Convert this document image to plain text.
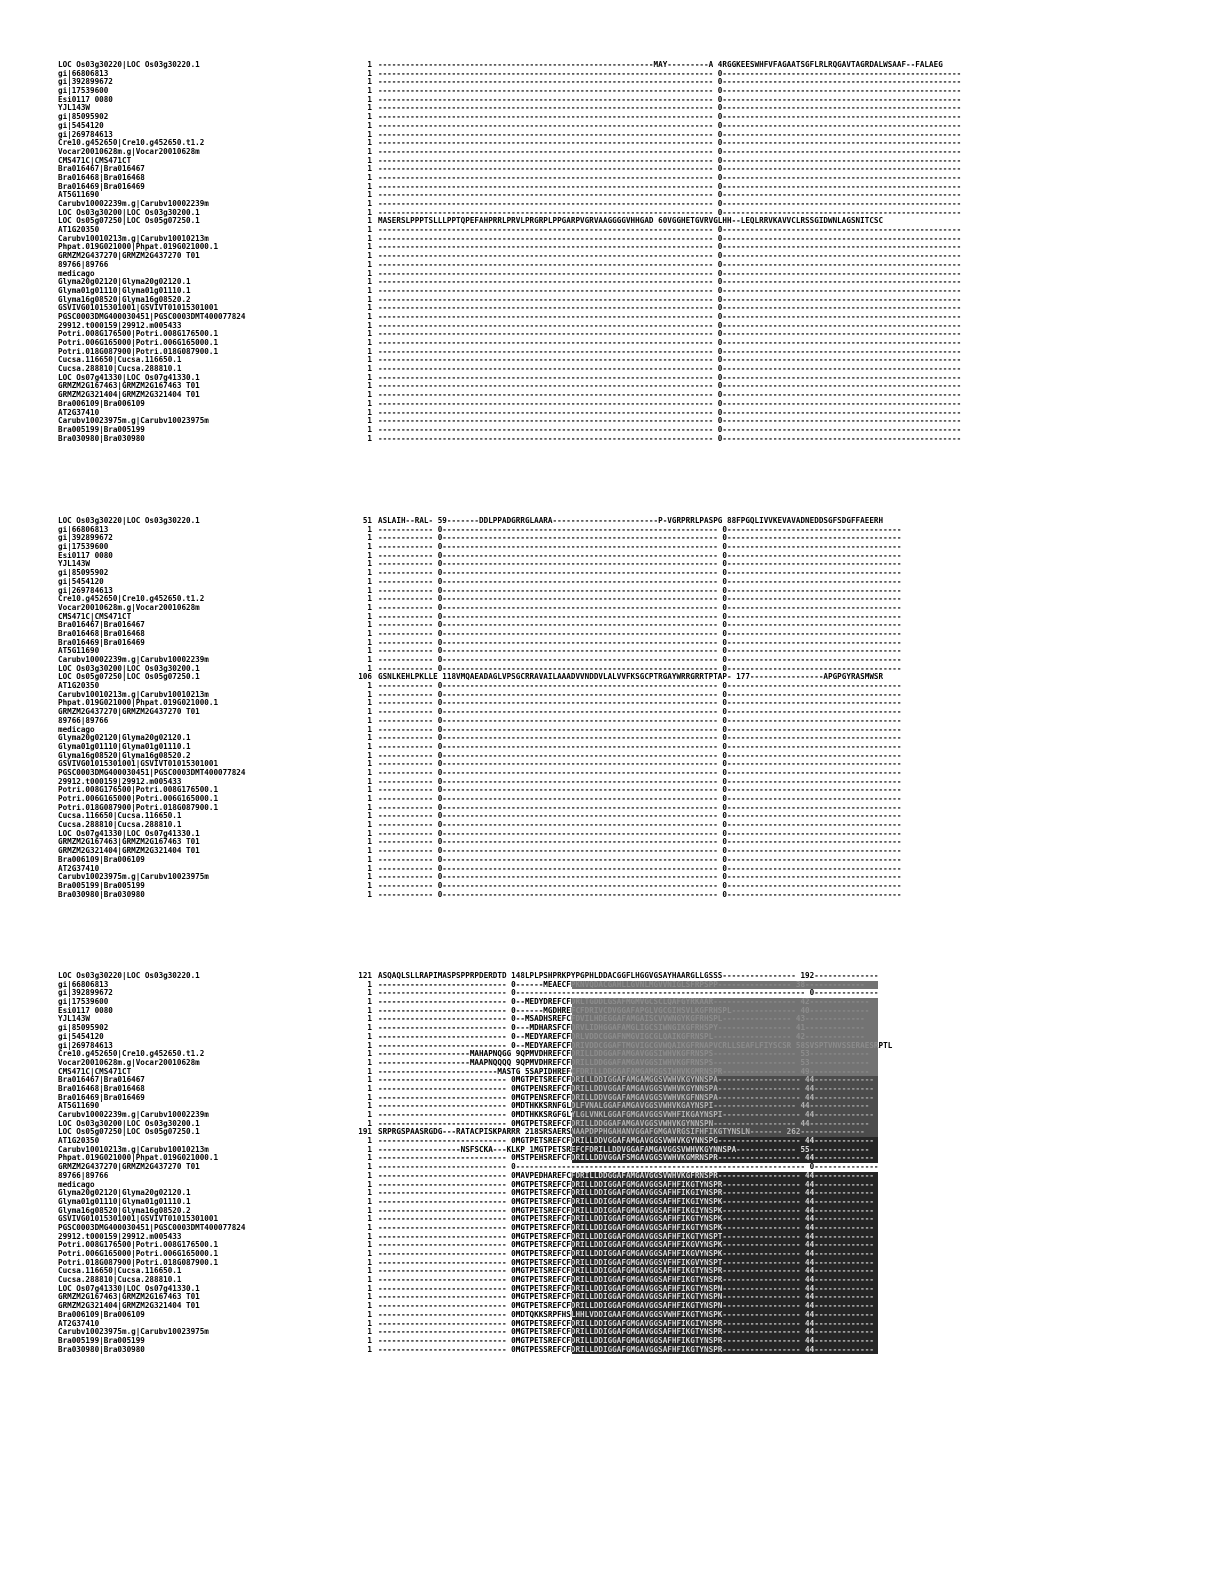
LOC Os03g30220|LOC Os03g30220.1	1 ------------------------------------------------------------MAY---------A 4RGGKEESWHFVFAGAATSGFLRLRQGAVTAGRDALWSAAF--FALAEG
gi|66806813	1 ------------------------------------------------------------------------- 0----------------------------------------------------
gi|392899672	1 ------------------------------------------------------------------------- 0----------------------------------------------------
gi|17539600	1 ------------------------------------------------------------------------- 0----------------------------------------------------
Esi0117 0080	1 ------------------------------------------------------------------------- 0----------------------------------------------------
YJL143W	1 ------------------------------------------------------------------------- 0----------------------------------------------------
gi|85095902	1 ------------------------------------------------------------------------- 0----------------------------------------------------
gi|5454120	1 ------------------------------------------------------------------------- 0----------------------------------------------------
gi|269784613	1 ------------------------------------------------------------------------- 0----------------------------------------------------
Cre10.g452650|Cre10.g452650.t1.2	1 ------------------------------------------------------------------------- 0----------------------------------------------------
Vocar20010628m.g|Vocar20010628m	1 ------------------------------------------------------------------------- 0----------------------------------------------------
CMS471C|CMS471CT	1 ------------------------------------------------------------------------- 0----------------------------------------------------
Bra016467|Bra016467	1 ------------------------------------------------------------------------- 0----------------------------------------------------
Bra016468|Bra016468	1 ------------------------------------------------------------------------- 0----------------------------------------------------
Bra016469|Bra016469	1 ------------------------------------------------------------------------- 0----------------------------------------------------
AT5G11690	1 ------------------------------------------------------------------------- 0----------------------------------------------------
Carubv10002239m.g|Carubv10002239m	1 ------------------------------------------------------------------------- 0----------------------------------------------------
LOC Os03g30200|LOC Os03g30200.1	1 ------------------------------------------------------------------------- 0----------------------------------------------------
LOC Os05g07250|LOC Os05g07250.1	1 MASERSLPPPTSLLLPPTQPEFAHPRRLPRVLPRGRPLPPGARPVGRVAAGGGGVHHGAD 60VGGHETGVRVGLHH--LEQLRRVKAVVCLRSSGIDWNLAGSNITCSC
AT1G20350	1 ------------------------------------------------------------------------- 0----------------------------------------------------
Carubv10010213m.g|Carubv10010213m	1 ------------------------------------------------------------------------- 0----------------------------------------------------
Phpat.019G021000|Phpat.019G021000.1	1 ------------------------------------------------------------------------- 0----------------------------------------------------
GRMZM2G437270|GRMZM2G437270 T01	1 ------------------------------------------------------------------------- 0----------------------------------------------------
89766|89766	1 ------------------------------------------------------------------------- 0----------------------------------------------------
medicago	1 ------------------------------------------------------------------------- 0----------------------------------------------------
Glyma20g02120|Glyma20g02120.1	1 ------------------------------------------------------------------------- 0----------------------------------------------------
Glyma01g01110|Glyma01g01110.1	1 ------------------------------------------------------------------------- 0----------------------------------------------------
Glyma16g08520|Glyma16g08520.2	1 ------------------------------------------------------------------------- 0----------------------------------------------------
GSVIVG01015301001|GSVIVT01015301001	1 ------------------------------------------------------------------------- 0----------------------------------------------------
PGSC0003DMG400030451|PGSC0003DMT400077824	1 ------------------------------------------------------------------------- 0----------------------------------------------------
29912.t000159|29912.m005433	1 ------------------------------------------------------------------------- 0----------------------------------------------------
Potri.008G176500|Potri.008G176500.1	1 ------------------------------------------------------------------------- 0----------------------------------------------------
Potri.006G165000|Potri.006G165000.1	1 ------------------------------------------------------------------------- 0----------------------------------------------------
Potri.018G087900|Potri.018G087900.1	1 ------------------------------------------------------------------------- 0----------------------------------------------------
Cucsa.116650|Cucsa.116650.1	1 ------------------------------------------------------------------------- 0----------------------------------------------------
Cucsa.288810|Cucsa.288810.1	1 ------------------------------------------------------------------------- 0----------------------------------------------------
LOC Os07g41330|LOC Os07g41330.1	1 ------------------------------------------------------------------------- 0----------------------------------------------------
GRMZM2G167463|GRMZM2G167463 T01	1 ------------------------------------------------------------------------- 0----------------------------------------------------
GRMZM2G321404|GRMZM2G321404 T01	1 ------------------------------------------------------------------------- 0----------------------------------------------------
Bra006109|Bra006109	1 ------------------------------------------------------------------------- 0----------------------------------------------------
AT2G37410	1 ------------------------------------------------------------------------- 0----------------------------------------------------
Carubv10023975m.g|Carubv10023975m	1 ------------------------------------------------------------------------- 0----------------------------------------------------
Bra005199|Bra005199	1 ------------------------------------------------------------------------- 0----------------------------------------------------
Bra030980|Bra030980	1 ------------------------------------------------------------------------- 0----------------------------------------------------
LOC Os03g30220|LOC Os03g30220.1	51 ASLAIH--RAL- 59-------DDLPPADGRRGLAARA-----------------------P-VGRPRRLPASPG 88FPGQLIVVKEVAVADNEDDSGFSDGFFAEERH
gi|66806813	1 ------------ 0------------------------------------------------------------ 0--------------------------------------
gi|392899672	1 ------------ 0------------------------------------------------------------ 0--------------------------------------
gi|17539600	1 ------------ 0------------------------------------------------------------ 0--------------------------------------
Esi0117 0080	1 ------------ 0------------------------------------------------------------ 0--------------------------------------
YJL143W	1 ------------ 0------------------------------------------------------------ 0--------------------------------------
gi|85095902	1 ------------ 0------------------------------------------------------------ 0--------------------------------------
gi|5454120	1 ------------ 0------------------------------------------------------------ 0--------------------------------------
gi|269784613	1 ------------ 0------------------------------------------------------------ 0--------------------------------------
Cre10.g452650|Cre10.g452650.t1.2	1 ------------ 0------------------------------------------------------------ 0--------------------------------------
Vocar20010628m.g|Vocar20010628m	1 ------------ 0------------------------------------------------------------ 0--------------------------------------
CMS471C|CMS471CT	1 ------------ 0------------------------------------------------------------ 0--------------------------------------
Bra016467|Bra016467	1 ------------ 0------------------------------------------------------------ 0--------------------------------------
Bra016468|Bra016468	1 ------------ 0------------------------------------------------------------ 0--------------------------------------
Bra016469|Bra016469	1 ------------ 0------------------------------------------------------------ 0--------------------------------------
AT5G11690	1 ------------ 0------------------------------------------------------------ 0--------------------------------------
Carubv10002239m.g|Carubv10002239m	1 ------------ 0------------------------------------------------------------ 0--------------------------------------
LOC Os03g30200|LOC Os03g30200.1	1 ------------ 0------------------------------------------------------------ 0--------------------------------------
LOC Os05g07250|LOC Os05g07250.1	106 GSNLKEHLPKLLE 118VMQAEADAGLVPSGCRRAVAILAAADVVNDDVLALVVFKSGCPTRGAYWRRGRRTPTAP- 177----------------APGPGYRASMWSR
AT1G20350	1 ------------ 0------------------------------------------------------------ 0--------------------------------------
Carubv10010213m.g|Carubv10010213m	1 ------------ 0------------------------------------------------------------ 0--------------------------------------
Phpat.019G021000|Phpat.019G021000.1	1 ------------ 0------------------------------------------------------------ 0--------------------------------------
GRMZM2G437270|GRMZM2G437270 T01	1 ------------ 0------------------------------------------------------------ 0--------------------------------------
89766|89766	1 ------------ 0------------------------------------------------------------ 0--------------------------------------
medicago	1 ------------ 0------------------------------------------------------------ 0--------------------------------------
Glyma20g02120|Glyma20g02120.1	1 ------------ 0------------------------------------------------------------ 0--------------------------------------
Glyma01g01110|Glyma01g01110.1	1 ------------ 0------------------------------------------------------------ 0--------------------------------------
Glyma16g08520|Glyma16g08520.2	1 ------------ 0------------------------------------------------------------ 0--------------------------------------
GSVIVG01015301001|GSVIVT01015301001	1 ------------ 0------------------------------------------------------------ 0--------------------------------------
PGSC0003DMG400030451|PGSC0003DMT400077824	1 ------------ 0------------------------------------------------------------ 0--------------------------------------
29912.t000159|29912.m005433	1 ------------ 0------------------------------------------------------------ 0--------------------------------------
Potri.008G176500|Potri.008G176500.1	1 ------------ 0------------------------------------------------------------ 0--------------------------------------
Potri.006G165000|Potri.006G165000.1	1 ------------ 0------------------------------------------------------------ 0--------------------------------------
Potri.018G087900|Potri.018G087900.1	1 ------------ 0------------------------------------------------------------ 0--------------------------------------
Cucsa.116650|Cucsa.116650.1	1 ------------ 0------------------------------------------------------------ 0--------------------------------------
Cucsa.288810|Cucsa.288810.1	1 ------------ 0------------------------------------------------------------ 0--------------------------------------
LOC Os07g41330|LOC Os07g41330.1	1 ------------ 0------------------------------------------------------------ 0--------------------------------------
GRMZM2G167463|GRMZM2G167463 T01	1 ------------ 0------------------------------------------------------------ 0--------------------------------------
GRMZM2G321404|GRMZM2G321404 T01	1 ------------ 0------------------------------------------------------------ 0--------------------------------------
Bra006109|Bra006109	1 ------------ 0------------------------------------------------------------ 0--------------------------------------
AT2G37410	1 ------------ 0------------------------------------------------------------ 0--------------------------------------
Carubv10023975m.g|Carubv10023975m	1 ------------ 0------------------------------------------------------------ 0--------------------------------------
Bra005199|Bra005199	1 ------------ 0------------------------------------------------------------ 0--------------------------------------
Bra030980|Bra030980	1 ------------ 0------------------------------------------------------------ 0--------------------------------------
LOC Os03g30220|LOC Os03g30220.1	121 ASQAQLSLLRAPIMASPSPPRPDERDTD 148LPLPSHPRKPYPGPHLDDACGGFLHGGVGSAYHAARGLLGSSS---------------- 192--------------
gi|66806813	1 ---------------------------- 0------MEAECFPKNVQDACGAHLLGVNLMGVVNIGLSFRPSPP---------------- 38-------------
gi|392899672	1 ---------------------------- 0--------------------------------------------------------------- 0--------------
gi|17539600	1 ---------------------------- 0--MEDYDREFCFDRLTGDDLGSAFMGMVGCSCLQAFGYRKAAR------------------ 42-------------
Esi0117 0080	1 ---------------------------- 0------MGDHREFCFDRIVCDVGGAFAPGLVGCGIHSVLKGFRHSPL-------------- 40-------------
YJL143W	1 ---------------------------- 0--MSADHSREFCFDVILHDEGGAFAMGAISCVVWNGYKGFRHSPL--------------- 43-------------
gi|85095902	1 ---------------------------- 0---MDHARSFCFDRVLIDHGGAFAMGLIGCSIWNGIKGFRHSPY---------------- 41-------------
gi|5454120	1 ---------------------------- 0--MEDYAREFCFDRLVDDCGGAFNMGVIGCGLQAIKGFRNSPL----------------- 42-------------
gi|269784613	1 ---------------------------- 0--MEDYAREFCFDRIVDDCGGAFTMGVIGCGVWQAIKGFRNAPVCRLLSEAFLFIYSCSR 58SVSPTVNVSSERAESRPTL
Cre10.g452650|Cre10.g452650.t1.2	1 --------------------MAHAPNQGG 9QPMVDHREFCFDRILLDDGGAFAMGAVGGSIWHVKGFRNSPS------------------ 53-------------
Vocar20010628m.g|Vocar20010628m	1 --------------------MAAPNQQQQ 9QPMVDHREFCFDRILLDDGGAFAMGAVGGSIWHVKGFRNSPS------------------ 53-------------
CMS471C|CMS471CT	1 --------------------------MASTG 5SAPIDHREFCFDRILLDDGGAFAMGAMGGSIWHVKGMRNSPR---------------- 49-------------
Bra016467|Bra016467	1 ---------------------------- 0MGTPETSREFCFDRILLDDIGGAFAMGAMGGSVWHVKGYNNSPA------------------ 44-------------
Bra016468|Bra016468	1 ---------------------------- 0MGTPENSREFCFDRILLDDVGGAFAMGAVGGSVWHVKGYNNSPA------------------ 44-------------
Bra016469|Bra016469	1 ---------------------------- 0MGTPENSREFCFDRILLDDVGGAFAMGAVGGSVWHVKGFNNSPA------------------ 44-------------
AT5G11690	1 ---------------------------- 0MDTHKKSRNFGLDLFVNALGGAFAMGAVGGSVWHVKGAYNSPI------------------ 44-------------
Carubv10002239m.g|Carubv10002239m	1 ---------------------------- 0MDTHKKSRGFGLYLGLVNKLGGAFGMGAVGGSVWHFIKGAYNSPI----------------- 44-------------
LOC Os03g30200|LOC Os03g30200.1	1 ---------------------------- 0MGTPETSREFCFDRILLDDGGAFAMGAVGGSVWHVKGYNNSPN------------------ 44-------------
LOC Os05g07250|LOC Os05g07250.1	191 SRPRGSPAASRGDG---RATACPISKPARRR 218SRSAERSNAAPDPPHGAHANVGGAFGMGAVRGSIFHFIKGTYNSLN------- 262--------------
AT1G20350	1 ---------------------------- 0MGTPETSREFCFDRILLDDVGGAFAMGAVGGSVWHVKGYNNSPG------------------ 44-------------
Carubv10010213m.g|Carubv10010213m	1 ------------------NSFSCKA---KLKP 1MGTPETSREFCFDRILLDDVGGAFAMGAVGGSVWHVKGYNNSPA------------- 55-------------
Phpat.019G021000|Phpat.019G021000.1	1 ---------------------------- 0MSTPEHSREFCFDRILLDDVGGAFSMGAVGGSVWHVKGMRNSPR------------------ 44-------------
GRMZM2G437270|GRMZM2G437270 T01	1 ---------------------------- 0--------------------------------------------------------------- 0--------------
89766|89766	1 ---------------------------- 0MAVPEDHAREFCFDRILLDDGGAFAMGAVGGSVWHVKGFRNSPR------------------ 44-------------
medicago	1 ---------------------------- 0MGTPETSREFCFDRILLDDIGGAFGMGAVGGSAFHFIKGTYNSPR----------------- 44-------------
Glyma20g02120|Glyma20g02120.1	1 ---------------------------- 0MGTPETSREFCFDRILLDDIGGAFGMGAVGGSAFHFIKGIYNSPR----------------- 44-------------
Glyma01g01110|Glyma01g01110.1	1 ---------------------------- 0MGTPETSREFCFDRILLDDIGGAFGMGAVGGSAFHFIKGIYNSPK----------------- 44-------------
Glyma16g08520|Glyma16g08520.2	1 ---------------------------- 0MGTPETSREFCFDRILLDDIGGAFGMGAVGGSAFHFIKGIYNSPK----------------- 44-------------
GSVIVG01015301001|GSVIVT01015301001	1 ---------------------------- 0MGTPETSREFCFDRILLDDIGGAFGMGAVGGSAFHFIKGTYNSPK----------------- 44-------------
PGSC0003DMG400030451|PGSC0003DMT400077824	1 ---------------------------- 0MGTPETSREFCFDRILLDDIGGAFGMGAVGGSAFHFIKGTYNSPK----------------- 44-------------
29912.t000159|29912.m005433	1 ---------------------------- 0MGTPETSREFCFDRILLDDIGGAFGMGAVGGSAFHFIKGTYNSPT----------------- 44-------------
Potri.008G176500|Potri.008G176500.1	1 ---------------------------- 0MGTPETSREFCFDRILLDDIGGAFGMGAVGGSAFHFIKGVYNSPK----------------- 44-------------
Potri.006G165000|Potri.006G165000.1	1 ---------------------------- 0MGTPETSREFCFDRILLDDIGGAFGMGAVGGSAFHFIKGVYNSPK----------------- 44-------------
Potri.018G087900|Potri.018G087900.1	1 ---------------------------- 0MGTPETSREFCFDRILLDDIGGAFGMGAVGGSVFHFIKGVYNSPT----------------- 44-------------
Cucsa.116650|Cucsa.116650.1	1 ---------------------------- 0MGTPETSREFCFDRILLDDIGGAFGMGAVGGSAFHFIKGTYNSPR----------------- 44-------------
Cucsa.288810|Cucsa.288810.1	1 ---------------------------- 0MGTPETSREFCFDRILLDDIGGAFGMGAVGGSAFHFIKGTYNSPR----------------- 44-------------
LOC Os07g41330|LOC Os07g41330.1	1 ---------------------------- 0MGTPETSREFCFDRILLDDIGGAFGMGAVGGSAFHFIKGTYNSPN----------------- 44-------------
GRMZM2G167463|GRMZM2G167463 T01	1 ---------------------------- 0MGTPETSREFCFDRILLDDIGGAFGMGAVGGSAFHFIKGTYNSPN----------------- 44-------------
GRMZM2G321404|GRMZM2G321404 T01	1 ---------------------------- 0MGTPETSREFCFDRILLDDIGGAFGMGAVGGSAFHFIKGTYNSPN----------------- 44-------------
Bra006109|Bra006109	1 ---------------------------- 0MDTQKKSRPFHSLHHLVDDIGAAFGMGAVGGSVWHFIKGTYNSPK----------------- 44-------------
AT2G37410	1 ---------------------------- 0MGTPETSREFCFDRILLDDIGGAFGMGAVGGSAFHFIKGIYNSPR----------------- 44-------------
Carubv10023975m.g|Carubv10023975m	1 ---------------------------- 0MGTPETSREFCFDRILLDDIGGAFGMGAVGGSAFHFIKGTYNSPR----------------- 44-------------
Bra005199|Bra005199	1 ---------------------------- 0MGTPETSREFCFDRILLDDIGGAFGMGAVGGSAFHFIKGTYNSPR----------------- 44-------------
Bra030980|Bra030980	1 ---------------------------- 0MGTPESSREFCFDRILLDDIGGAFGMGAVGGSAFHFIKGTYNSPR----------------- 44-------------
